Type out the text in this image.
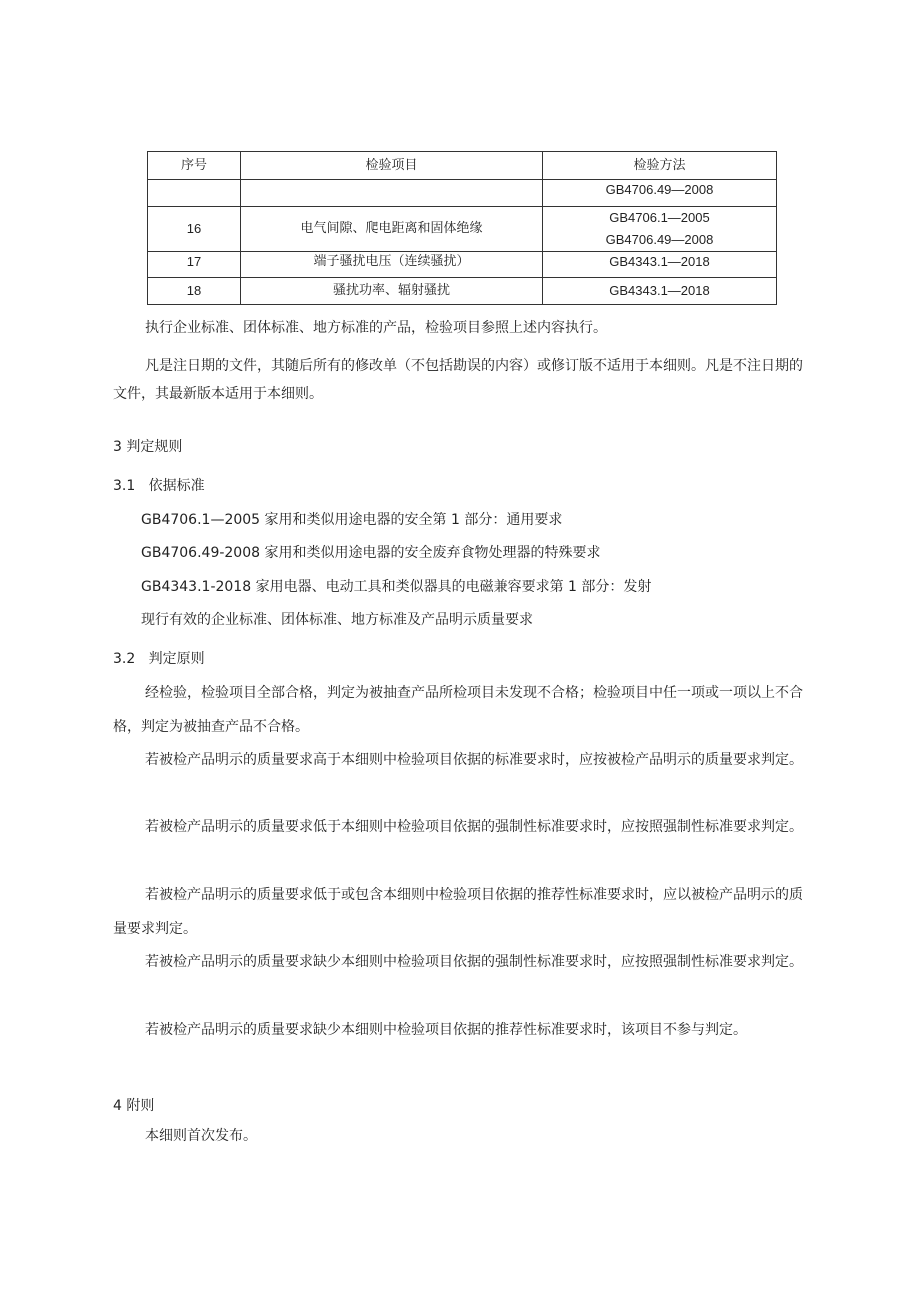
序号	检验项目	检验方法
		GB4706.49—2008
16	电气间隙、爬电距离和固体绝缘	GB4706.1—2005
GB4706.49—2008

17	端子骚扰电压（连续骚扰）	GB4343.1—2018
18	骚扰功率、辐射骚扰	GB4343.1—2018

执行企业标准、团体标准、地方标准的产品，检验项目参照上述内容执行。

凡是注日期的文件，其随后所有的修改单（不包括勘误的内容）或修订版不适用于本细则。凡是不注日期的文件，其最新版本适用于本细则。

3 判定规则

3.1   依据标准

GB4706.1—2005 家用和类似用途电器的安全第 1 部分：通用要求

GB4706.49-2008 家用和类似用途电器的安全废弃食物处理器的特殊要求

GB4343.1-2018 家用电器、电动工具和类似器具的电磁兼容要求第 1 部分：发射

现行有效的企业标准、团体标准、地方标准及产品明示质量要求

3.2   判定原则

经检验，检验项目全部合格，判定为被抽查产品所检项目未发现不合格；检验项目中任一项或一项以上不合格，判定为被抽查产品不合格。

若被检产品明示的质量要求高于本细则中检验项目依据的标准要求时，应按被检产品明示的质量要求判定。

若被检产品明示的质量要求低于本细则中检验项目依据的强制性标准要求时，应按照强制性标准要求判定。

若被检产品明示的质量要求低于或包含本细则中检验项目依据的推荐性标准要求时，应以被检产品明示的质量要求判定。

若被检产品明示的质量要求缺少本细则中检验项目依据的强制性标准要求时，应按照强制性标准要求判定。

若被检产品明示的质量要求缺少本细则中检验项目依据的推荐性标准要求时，该项目不参与判定。

4 附则

本细则首次发布。
